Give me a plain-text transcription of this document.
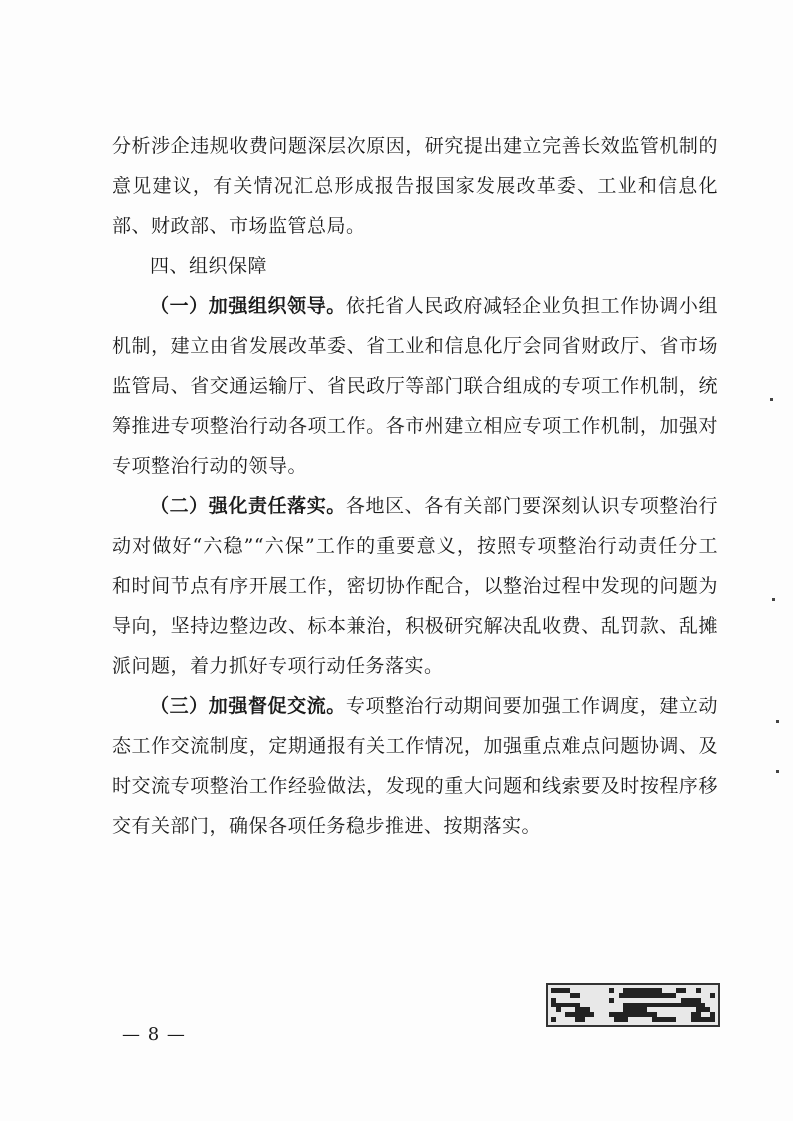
分析涉企违规收费问题深层次原因，研究提出建立完善长效监管机制的意见建议，有关情况汇总形成报告报国家发展改革委、工业和信息化部、财政部、市场监管总局。

四、组织保障

（一）加强组织领导。依托省人民政府减轻企业负担工作协调小组机制，建立由省发展改革委、省工业和信息化厅会同省财政厅、省市场监管局、省交通运输厅、省民政厅等部门联合组成的专项工作机制，统筹推进专项整治行动各项工作。各市州建立相应专项工作机制，加强对专项整治行动的领导。

（二）强化责任落实。各地区、各有关部门要深刻认识专项整治行动对做好“六稳”“六保”工作的重要意义，按照专项整治行动责任分工和时间节点有序开展工作，密切协作配合，以整治过程中发现的问题为导向，坚持边整边改、标本兼治，积极研究解决乱收费、乱罚款、乱摊派问题，着力抓好专项行动任务落实。

（三）加强督促交流。专项整治行动期间要加强工作调度，建立动态工作交流制度，定期通报有关工作情况，加强重点难点问题协调、及时交流专项整治工作经验做法，发现的重大问题和线索要及时按程序移交有关部门，确保各项任务稳步推进、按期落实。

— 8 —
